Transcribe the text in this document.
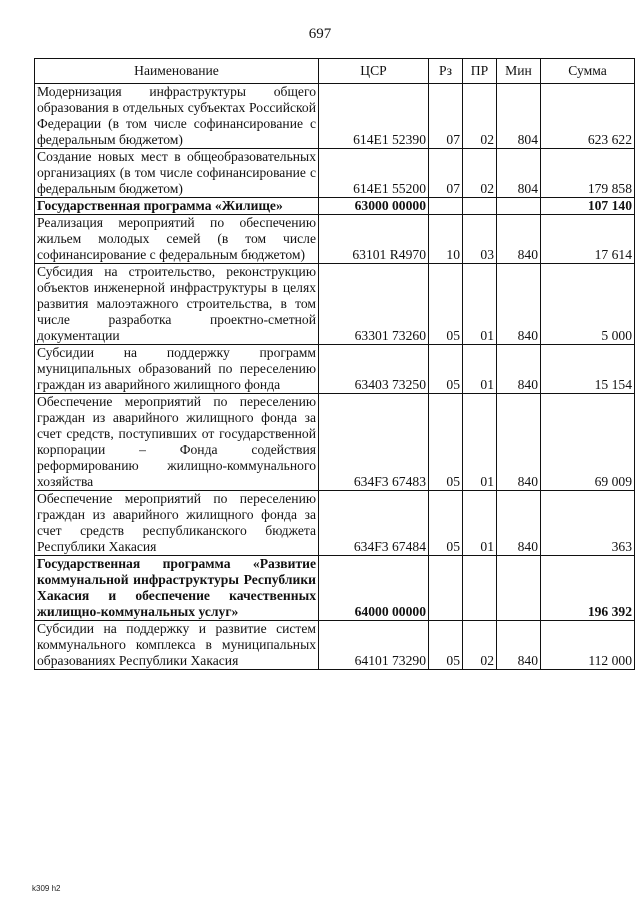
697
Наименование	ЦСР	Рз	ПР	Мин	Сумма
Модернизация инфраструктуры общего образования в отдельных субъектах Российской Федерации (в том числе софинансирование с федеральным бюджетом)	614E1 52390	07	02	804	623 622
Создание новых мест в общеобразовательных организациях (в том числе софинансирование с федеральным бюджетом)	614E1 55200	07	02	804	179 858
Государственная программа «Жилище»	63000 00000				107 140
Реализация мероприятий по обеспечению жильем молодых семей (в том числе софинансирование с федеральным бюджетом)	63101 R4970	10	03	840	17 614
Субсидия на строительство, реконструкцию объектов инженерной инфраструктуры в целях развития малоэтажного строительства, в том числе разработка проектно-сметной документации	63301 73260	05	01	840	5 000
Субсидии на поддержку программ муниципальных образований по переселению граждан из аварийного жилищного фонда	63403 73250	05	01	840	15 154
Обеспечение мероприятий по переселению граждан из аварийного жилищного фонда за счет средств, поступивших от государственной корпорации – Фонда содействия реформированию жилищно-коммунального хозяйства	634F3 67483	05	01	840	69 009
Обеспечение мероприятий по переселению граждан из аварийного жилищного фонда за счет средств республиканского бюджета Республики Хакасия	634F3 67484	05	01	840	363
Государственная программа «Развитие коммунальной инфраструктуры Республики Хакасия и обеспечение качественных жилищно-коммунальных услуг»	64000 00000				196 392
Субсидии на поддержку и развитие систем коммунального комплекса в муниципальных образованиях Республики Хакасия	64101 73290	05	02	840	112 000
k309 h2
